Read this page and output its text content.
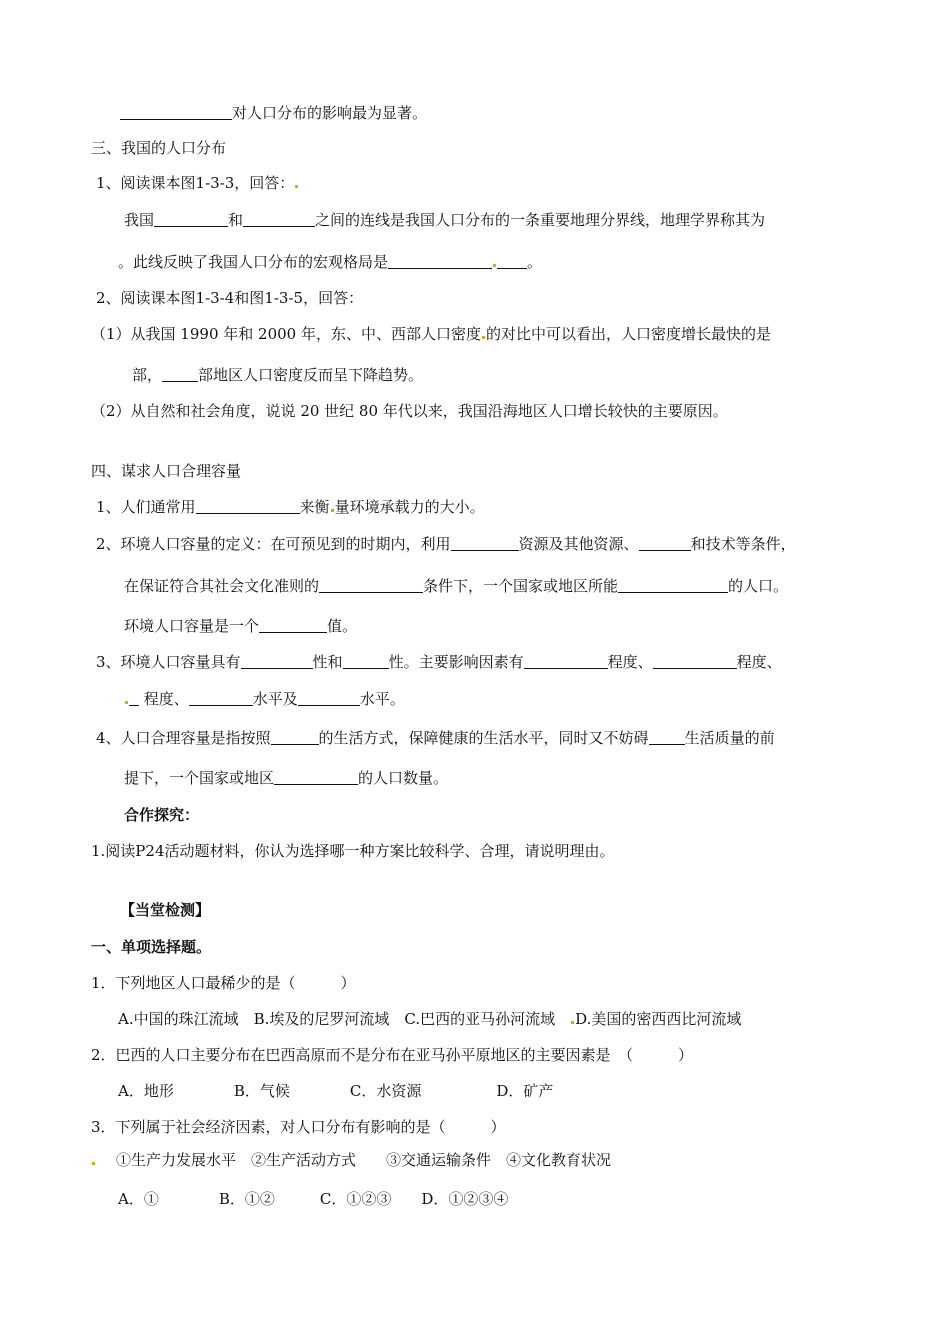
对人口分布的影响最为显著。
三、我国的人口分布
1、阅读课本图1-3-3，回答：
我国	和	之间的连线是我国人口分布的一条重要地理分界线，地理学界称其为
。此线反映了我国人口分布的宏观格局是	。
2、阅读课本图1-3-4和图1-3-5，回答：
（1）从我国 1990 年和 2000 年，东、中、西部人口密度 的对比中可以看出，人口密度增长最快的是
部， 部地区人口密度反而呈下降趋势。
（2）从自然和社会角度，说说 20 世纪 80 年代以来，我国沿海地区人口增长较快的主要原因。
四、谋求人口合理容量
1、人们通常用	来衡 量环境承载力的大小。
2、环境人口容量的定义：在可预见到的时期内，利用	资源及其他资源、	和技术等条件，
在保证符合其社会文化准则的	条件下，一个国家或地区所能	的人口。
环境人口容量是一个	值。
3、环境人口容量具有	性和	性。主要影响因素有	程度、	程度、
程度、	水平及	水平。
4、人口合理容量是指按照	的生活方式，保障健康的生活水平，同时又不妨碍 生活质量的前
提下，一个国家或地区	的人口数量。
合作探究：
1.阅读P24活动题材料，你认为选择哪一种方案比较科学、合理，请说明理由。
【当堂检测】
一、单项选择题。
1．下列地区人口最稀少的是（　　　）
A.中国的珠江流域　B.埃及的尼罗河流域　C.巴西的亚马孙河流域　D.美国的密西西比河流域
2．巴西的人口主要分布在巴西高原而不是分布在亚马孙平原地区的主要因素是　（　　　）
A．地形　　　　B．气候　　　　C．水资源　　　　　D．矿产
3．下列属于社会经济因素，对人口分布有影响的是（　　　）
①生产力发展水平　②生产活动方式　　③交通运输条件　④文化教育状况
A．①　　　　B．①②　　　C．①②③　　D．①②③④
